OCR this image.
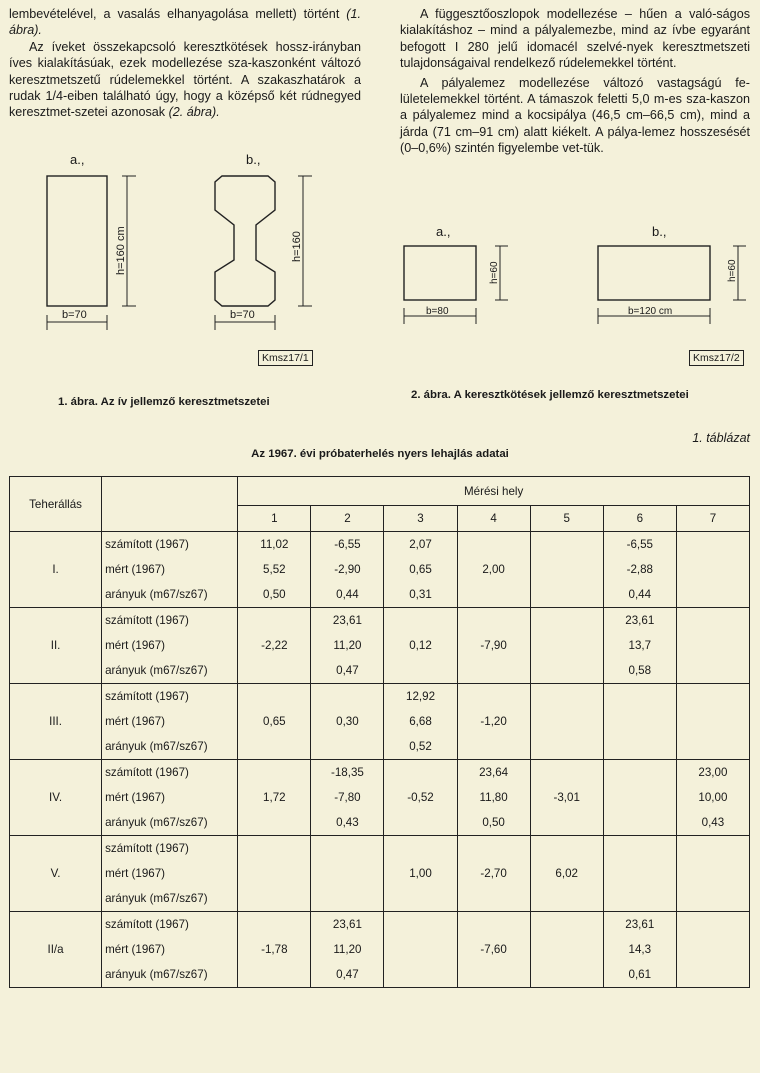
lembevételével, a vasalás elhanyagolása mellett) történt (1. ábra).

Az íveket összekapcsoló keresztkötések hossz-irányban íves kialakításúak, ezek modellezése sza-kaszonként változó keresztmetszetű rúdelemekkel történt. A szakaszhatárok a rudak 1/4-eiben található úgy, hogy a középső két rúdnegyed keresztmet-szetei azonosak (2. ábra).

A függesztőoszlopok modellezése – hűen a való-ságos kialakításhoz – mind a pályalemezbe, mind az ívbe egyaránt befogott I 280 jelű idomacél szelvé-nyek keresztmetszeti tulajdonságaival rendelkező rúdelemekkel történt.

A pályalemez modellezése változó vastagságú fe-lületelemekkel történt. A támaszok feletti 5,0 m-es sza-kaszon a pályalemez mind a kocsipálya (46,5 cm–66,5 cm), mind a járda (71 cm–91 cm) alatt kiékelt. A pálya-lemez hosszesését (0–0,6%) szintén figyelembe vet-tük.

a.,
h=160 cm
b=70
b.,
h=160
b=70
Kmsz17/1
1. ábra. Az ív jellemző keresztmetszetei
a.,
h=60
b=80
b.,
h=60
b=120 cm
Kmsz17/2
2. ábra. A keresztkötések jellemző keresztmetszetei
1. táblázat
Az 1967. évi próbaterhelés nyers lehajlás adatai
Teherállás		Mérési hely						
		1	2	3	4	5	6	7
I.	számított (1967)	11,02	-6,55	2,07			-6,55	
	mért (1967)	5,52	-2,90	0,65	2,00		-2,88	
	arányuk (m67/sz67)	0,50	0,44	0,31			0,44	
II.	számított (1967)		23,61				23,61	
	mért (1967)	-2,22	11,20	0,12	-7,90		13,7	
	arányuk (m67/sz67)		0,47				0,58	
III.	számított (1967)			12,92				
	mért (1967)	0,65	0,30	6,68	-1,20			
	arányuk (m67/sz67)			0,52				
IV.	számított (1967)		-18,35		23,64			23,00
	mért (1967)	1,72	-7,80	-0,52	11,80	-3,01		10,00
	arányuk (m67/sz67)		0,43		0,50			0,43
V.	számított (1967)							
	mért (1967)			1,00	-2,70	6,02		
	arányuk (m67/sz67)							
II/a	számított (1967)		23,61				23,61	
	mért (1967)	-1,78	11,20		-7,60		14,3	
	arányuk (m67/sz67)		0,47				0,61	
